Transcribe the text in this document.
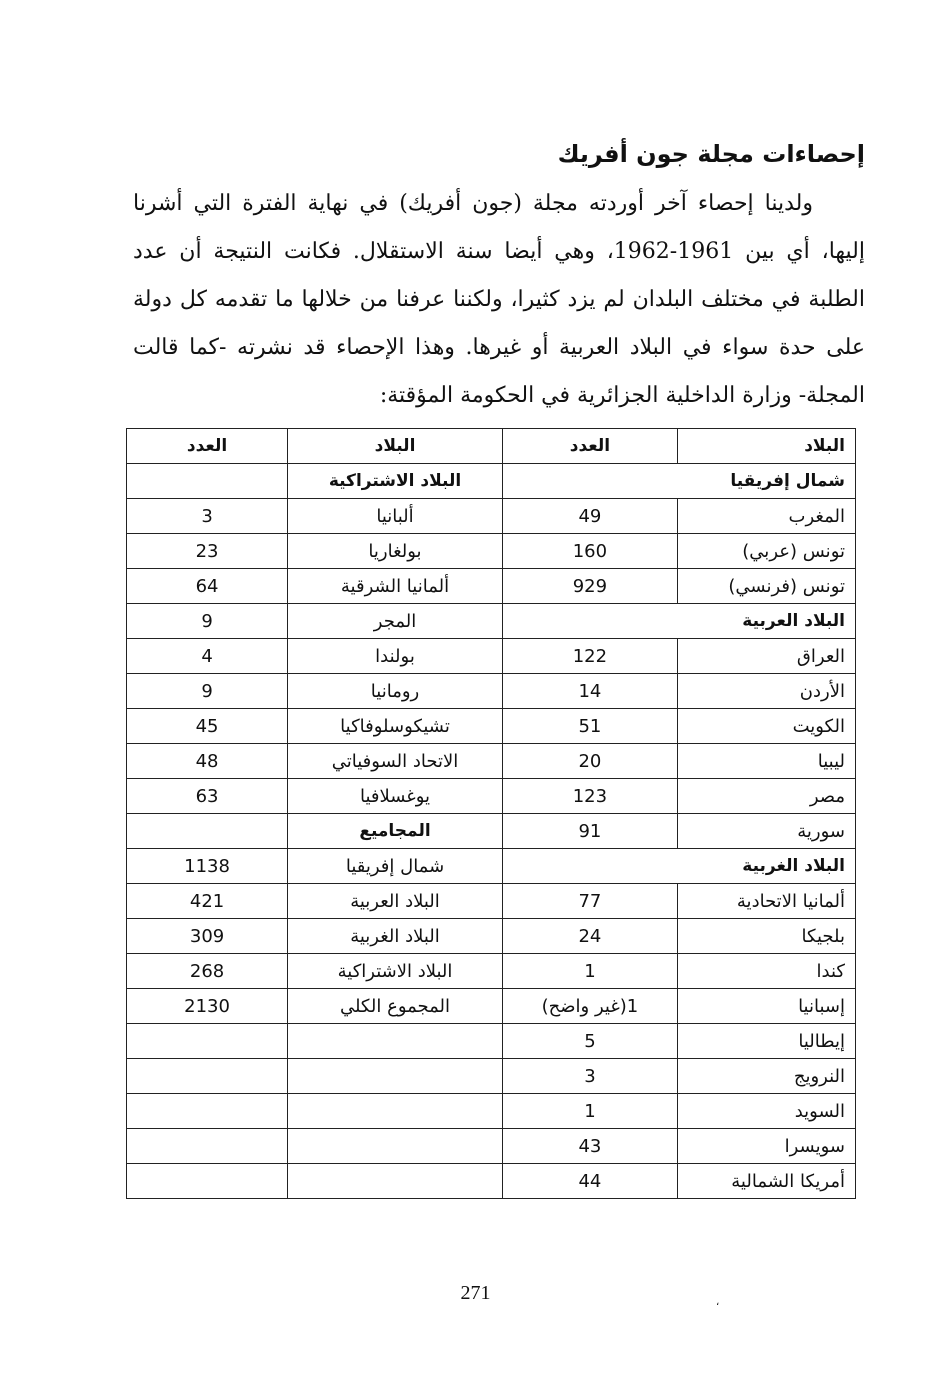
إحصاءات مجلة جون أفريك

ولدينا إحصاء آخر أوردته مجلة (جون أفريك) في نهاية الفترة التي أشرنا إليها، أي بين 1961-1962، وهي أيضا سنة الاستقلال. فكانت النتيجة أن عدد الطلبة في مختلف البلدان لم يزد كثيرا، ولكننا عرفنا من خلالها ما تقدمه كل دولة على حدة سواء في البلاد العربية أو غيرها. وهذا الإحصاء قد نشرته -كما قالت المجلة- وزارة الداخلية الجزائرية في الحكومة المؤقتة:

البلاد	العدد	البلاد	العدد
شمال إفريقيا		البلاد الاشتراكية	
المغرب	49	ألبانيا	3
تونس (عربي)	160	بولغاريا	23
تونس (فرنسي)	929	ألمانيا الشرقية	64
البلاد العربية		المجر	9
العراق	122	بولندا	4
الأردن	14	رومانيا	9
الكويت	51	تشيكوسلوفاكيا	45
ليبيا	20	الاتحاد السوفياتي	48
مصر	123	يوغسلافيا	63
سورية	91	المجاميع	
البلاد الغربية		شمال إفريقيا	1138
ألمانيا الاتحادية	77	البلاد العربية	421
بلجيكا	24	البلاد الغربية	309
كندا	1	البلاد الاشتراكية	268
إسبانيا	1(غير واضح)	المجموع الكلي	2130
إيطاليا	5		
النرويج	3		
السويد	1		
سويسرا	43		
أمريكا الشمالية	44		
271	،
